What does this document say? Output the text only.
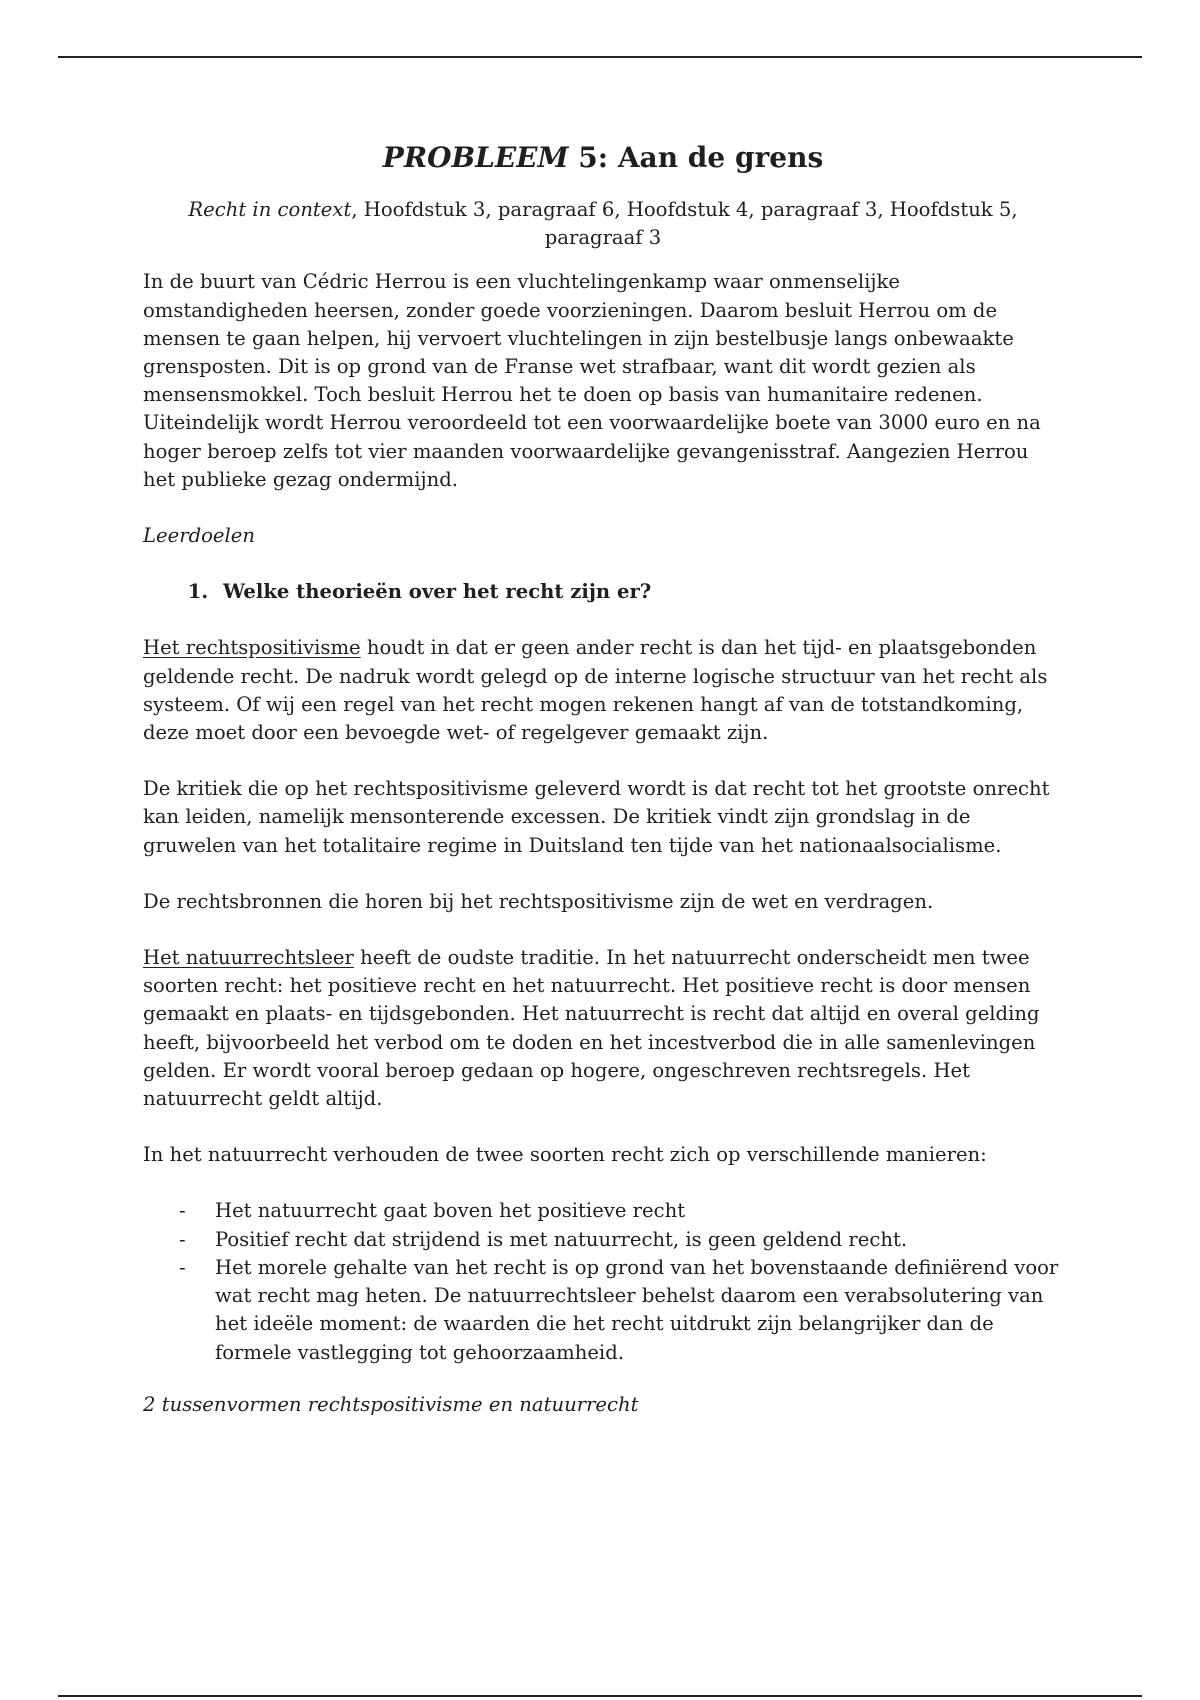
PROBLEEM 5: Aan de grens
Recht in context, Hoofdstuk 3, paragraaf 6, Hoofdstuk 4, paragraaf 3, Hoofdstuk 5, paragraaf 3

In de buurt van Cédric Herrou is een vluchtelingenkamp waar onmenselijke omstandigheden heersen, zonder goede voorzieningen. Daarom besluit Herrou om de mensen te gaan helpen, hij vervoert vluchtelingen in zijn bestelbusje langs onbewaakte grensposten. Dit is op grond van de Franse wet strafbaar, want dit wordt gezien als mensensmokkel. Toch besluit Herrou het te doen op basis van humanitaire redenen. Uiteindelijk wordt Herrou veroordeeld tot een voorwaardelijke boete van 3000 euro en na hoger beroep zelfs tot vier maanden voorwaardelijke gevangenisstraf. Aangezien Herrou het publieke gezag ondermijnd.

Leerdoelen

1. Welke theorieën over het recht zijn er?

Het rechtspositivisme houdt in dat er geen ander recht is dan het tijd- en plaatsgebonden geldende recht. De nadruk wordt gelegd op de interne logische structuur van het recht als systeem. Of wij een regel van het recht mogen rekenen hangt af van de totstandkoming, deze moet door een bevoegde wet- of regelgever gemaakt zijn.

De kritiek die op het rechtspositivisme geleverd wordt is dat recht tot het grootste onrecht kan leiden, namelijk mensonterende excessen. De kritiek vindt zijn grondslag in de gruwelen van het totalitaire regime in Duitsland ten tijde van het nationaalsocialisme.

De rechtsbronnen die horen bij het rechtspositivisme zijn de wet en verdragen.

Het natuurrechtsleer heeft de oudste traditie. In het natuurrecht onderscheidt men twee soorten recht: het positieve recht en het natuurrecht. Het positieve recht is door mensen gemaakt en plaats- en tijdsgebonden. Het natuurrecht is recht dat altijd en overal gelding heeft, bijvoorbeeld het verbod om te doden en het incestverbod die in alle samenlevingen gelden. Er wordt vooral beroep gedaan op hogere, ongeschreven rechtsregels. Het natuurrecht geldt altijd.

In het natuurrecht verhouden de twee soorten recht zich op verschillende manieren:

- Het natuurrecht gaat boven het positieve recht
- Positief recht dat strijdend is met natuurrecht, is geen geldend recht.
- Het morele gehalte van het recht is op grond van het bovenstaande definiërend voor wat recht mag heten. De natuurrechtsleer behelst daarom een verabsolutering van het ideële moment: de waarden die het recht uitdrukt zijn belangrijker dan de formele vastlegging tot gehoorzaamheid.

2 tussenvormen rechtspositivisme en natuurrecht
